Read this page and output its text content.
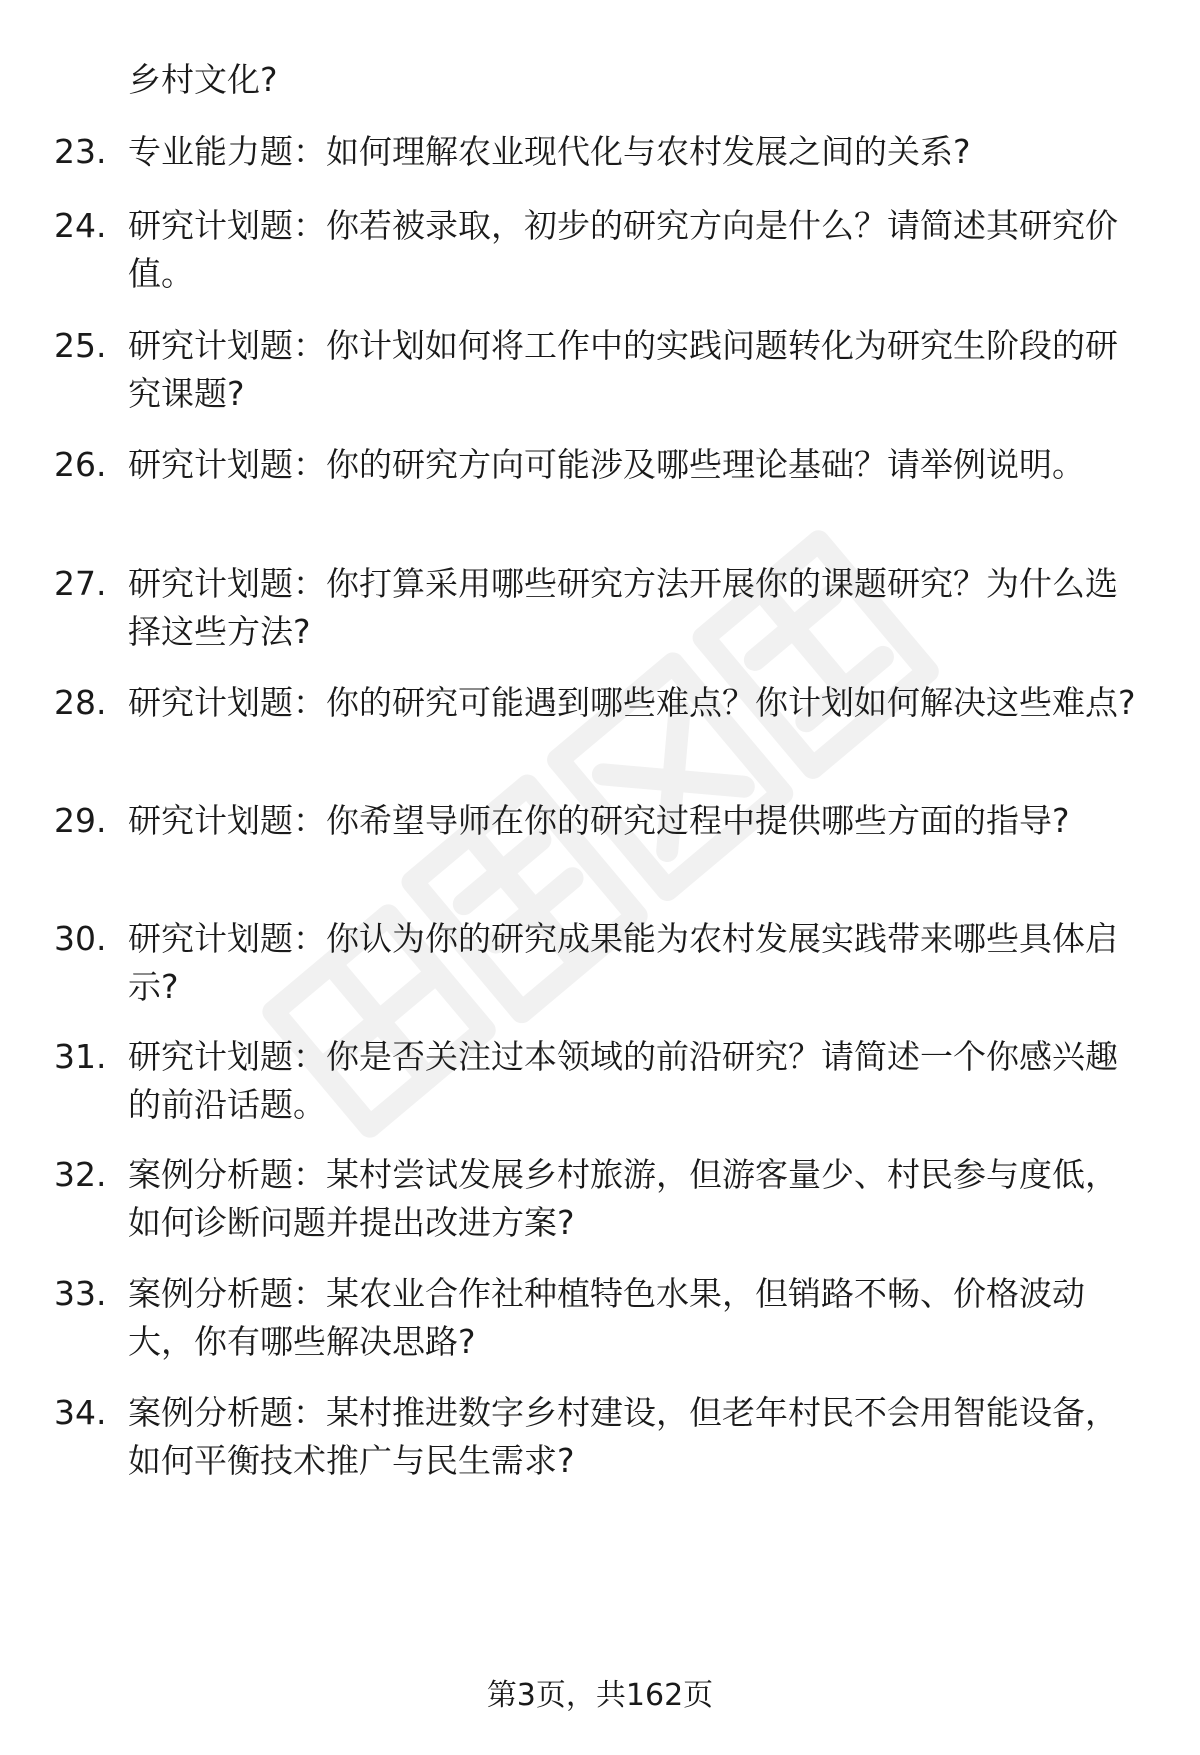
乡村文化?
23. 专业能力题：如何理解农业现代化与农村发展之间的关系?
24. 研究计划题：你若被录取，初步的研究方向是什么？请简述其研究价值。
25. 研究计划题：你计划如何将工作中的实践问题转化为研究生阶段的研究课题?
26. 研究计划题：你的研究方向可能涉及哪些理论基础？请举例说明。
27. 研究计划题：你打算采用哪些研究方法开展你的课题研究？为什么选择这些方法?
28. 研究计划题：你的研究可能遇到哪些难点？你计划如何解决这些难点?
29. 研究计划题：你希望导师在你的研究过程中提供哪些方面的指导?
30. 研究计划题：你认为你的研究成果能为农村发展实践带来哪些具体启示?
31. 研究计划题：你是否关注过本领域的前沿研究？请简述一个你感兴趣的前沿话题。
32. 案例分析题：某村尝试发展乡村旅游，但游客量少、村民参与度低，如何诊断问题并提出改进方案?
33. 案例分析题：某农业合作社种植特色水果，但销路不畅、价格波动大，你有哪些解决思路?
34. 案例分析题：某村推进数字乡村建设，但老年村民不会用智能设备，如何平衡技术推广与民生需求?
第3页，共162页
